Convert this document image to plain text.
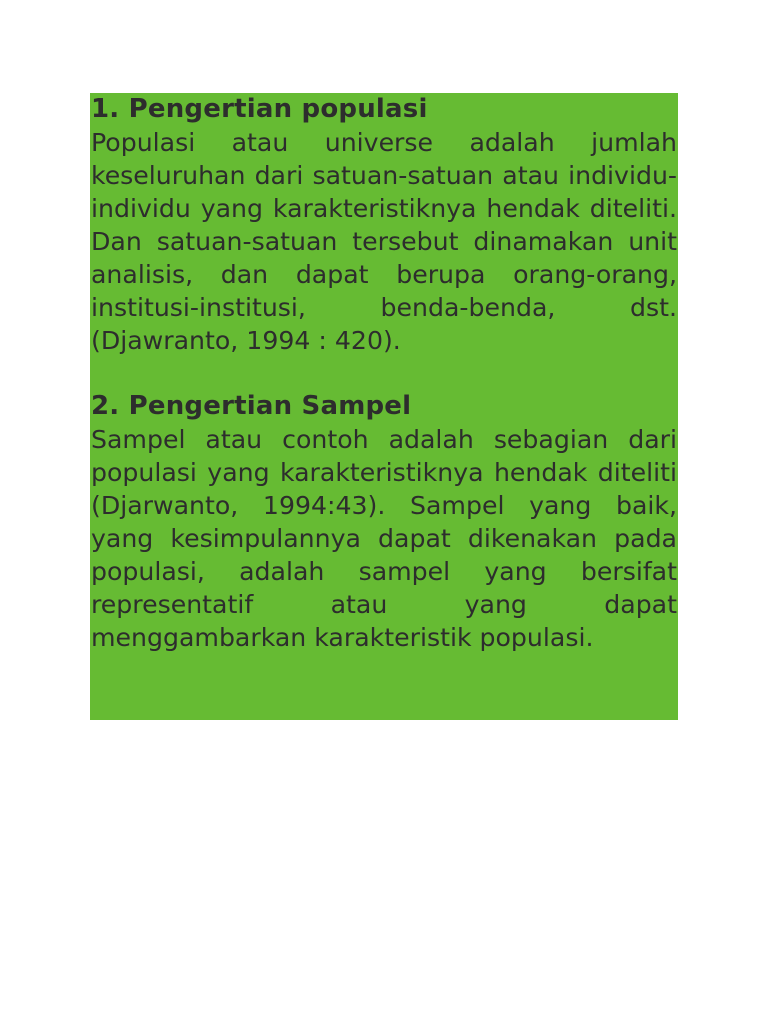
1. Pengertian populasi

Populasi atau universe adalah jumlah keseluruhan dari satuan-satuan atau individu-individu yang karakteristiknya hendak diteliti. Dan satuan-satuan tersebut dinamakan unit analisis, dan dapat berupa orang-orang, institusi-institusi, benda-benda, dst. (Djawranto, 1994 : 420).

2. Pengertian Sampel

Sampel atau contoh adalah sebagian dari populasi yang karakteristiknya hendak diteliti (Djarwanto, 1994:43). Sampel yang baik, yang kesimpulannya dapat dikenakan pada populasi, adalah sampel yang bersifat representatif atau yang dapat menggambarkan karakteristik populasi.
